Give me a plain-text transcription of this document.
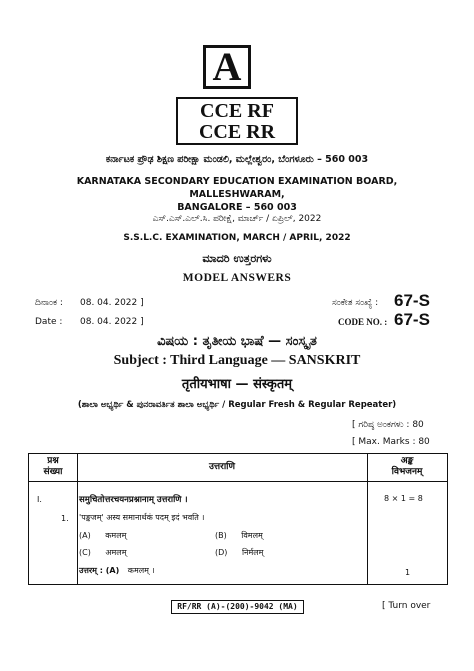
A
CCE RF
CCE RR
ಕರ್ನಾಟಕ ಪ್ರೌಢ ಶಿಕ್ಷಣ ಪರೀಕ್ಷಾ ಮಂಡಲಿ, ಮಲ್ಲೇಶ್ವರಂ, ಬೆಂಗಳೂರು – 560 003
KARNATAKA SECONDARY EDUCATION EXAMINATION BOARD, MALLESHWARAM,
BANGALORE – 560 003
ಎಸ್.ಎಸ್.ಎಲ್.ಸಿ. ಪರೀಕ್ಷೆ, ಮಾರ್ಚ್ / ಏಪ್ರಿಲ್, 2022
S.S.L.C. EXAMINATION, MARCH / APRIL, 2022
ಮಾದರಿ ಉತ್ತರಗಳು
MODEL ANSWERS
ದಿನಾಂಕ : 08. 04. 2022 ]
Date : 08. 04. 2022 ]
ಸಂಕೇತ ಸಂಖ್ಯೆ : 67-S
CODE NO. : 67-S
ವಿಷಯ : ತೃತೀಯ ಭಾಷೆ — ಸಂಸ್ಕೃತ
Subject : Third Language — SANSKRIT
तृतीयभाषा — संस्कृतम्
(ಶಾಲಾ ಅಭ್ಯರ್ಥಿ & ಪುನರಾವರ್ತಿತ ಶಾಲಾ ಅಭ್ಯರ್ಥಿ / Regular Fresh & Regular Repeater)
[ ಗರಿಷ್ಠ ಅಂಕಗಳು : 80
[ Max. Marks : 80
प्रश्न
संख्या	उत्तराणि
अङ्क
विभजनम्
I.	समुचितोत्तरचयनप्रश्नानाम् उत्तराणि ।	8 × 1 = 8
1. 'पङ्कजम्' अस्य समानार्थकं पदम् इदं भवति ।
(A) कमलम्	(B) विमलम्
(C) अमलम्	(D) निर्मलम्
उत्तरम् : (A) कमलम् ।	1
RF/RR (A)-(200)-9042 (MA)	[ Turn over
